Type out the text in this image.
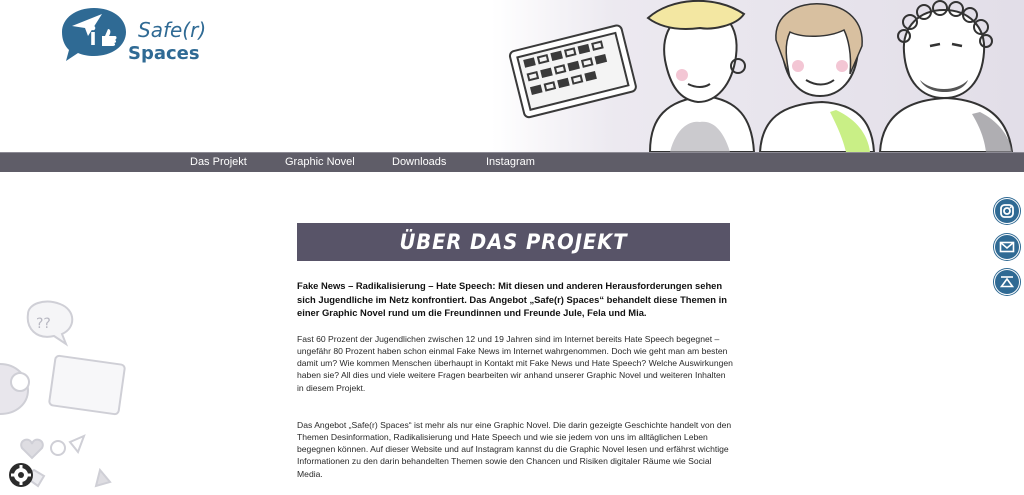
Safe(r)
Spaces
Das Projekt	Graphic Novel	Downloads	Instagram
??
ÜBER DAS PROJEKT

Fake News – Radikalisierung – Hate Speech: Mit diesen und anderen Herausforderungen sehen sich Jugendliche im Netz konfrontiert. Das Angebot „Safe(r) Spaces“ behandelt diese Themen in einer Graphic Novel rund um die Freundinnen und Freunde Jule, Fela und Mia.

Fast 60 Prozent der Jugendlichen zwischen 12 und 19 Jahren sind im Internet bereits Hate Speech begegnet – ungefähr 80 Prozent haben schon einmal Fake News im Internet wahrgenommen. Doch wie geht man am besten damit um? Wie kommen Menschen überhaupt in Kontakt mit Fake News und Hate Speech? Welche Auswirkungen haben sie? All dies und viele weitere Fragen bearbeiten wir anhand unserer Graphic Novel und weiteren Inhalten in diesem Projekt.

Das Angebot „Safe(r) Spaces“ ist mehr als nur eine Graphic Novel. Die darin gezeigte Geschichte handelt von den Themen Desinformation, Radikalisierung und Hate Speech und wie sie jedem von uns im alltäglichen Leben begegnen können. Auf dieser Website und auf Instagram kannst du die Graphic Novel lesen und erfährst wichtige Informationen zu den darin behandelten Themen sowie den Chancen und Risiken digitaler Räume wie Social Media.
